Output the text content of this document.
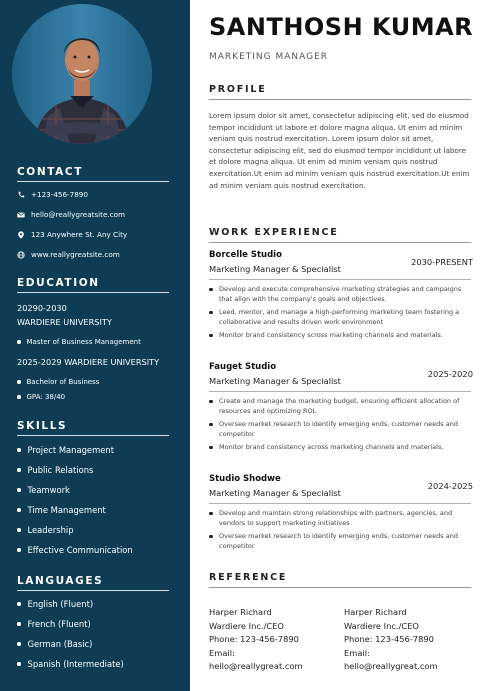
CONTACT
+123-456-7890
hello@reallygreatsite.com
123 Anywhere St. Any City
www.reallygreatsite.com
EDUCATION
20290-2030
WARDIERE UNIVERSITY
Master of Business Management
2025-2029 WARDIERE UNIVERSITY
Bachelor of Business
GPA: 38/40
SKILLS
Project Management
Public Relations
Teamwork
Time Management
Leadership
Effective Communication
LANGUAGES
English (Fluent)
French (Fluent)
German (Basic)
Spanish (Intermediate)
SANTHOSH KUMAR
MARKETING MANAGER
PROFILE
Lorem ipsum dolor sit amet, consectetur adipiscing elit, sed do eiusmod tempor incididunt ut labore et dolore magna aliqua. Ut enim ad minim veniam quis nostrud exercitation. Lorem ipsum dolor sit amet, consectetur adipiscing elit, sed do eiusmod tempor incididunt ut labore et dolore magna aliqua. Ut enim ad minim veniam quis nostrud exercitation.Ut enim ad minim veniam quis nostrud exercitation.Ut enim ad minim veniam quis nostrud exercitation.
WORK EXPERIENCE
Borcelle Studio
2030-PRESENT
Marketing Manager & Specialist
Develop and execute comprehensive marketing strategies and campaigns that align with the company's goals and objectives.
Leed, mentor, and manage a high-performing marketing team fostering a collaborative and results driven work environment
Monitor brand consistency scross marketing channels and materials.
Fauget Studio
2025-2020
Marketing Manager & Specialist
Create and manage the marketing budget, ensuring efficient allocation of resources and optimizing ROL
Oversee market research to identify emerging ends, customer needs and competitor
Monitor brand consistency across marketing channels and materials.
Studio Shodwe
2024-2025
Marketing Manager & Specialist
Develop and maintain strong relationships with partners, agencies, and vendors to support marketing initiatives
Oversee market research to identify emerging ends, customer needs and competitor
REFERENCE
Harper Richard
Wardiere Inc./CEO
Phone: 123-456-7890
Email:
hello@reallygreat.com
Harper Richard
Wardiere Inc./CEO
Phone: 123-456-7890
Email:
hello@reallygreat.com
